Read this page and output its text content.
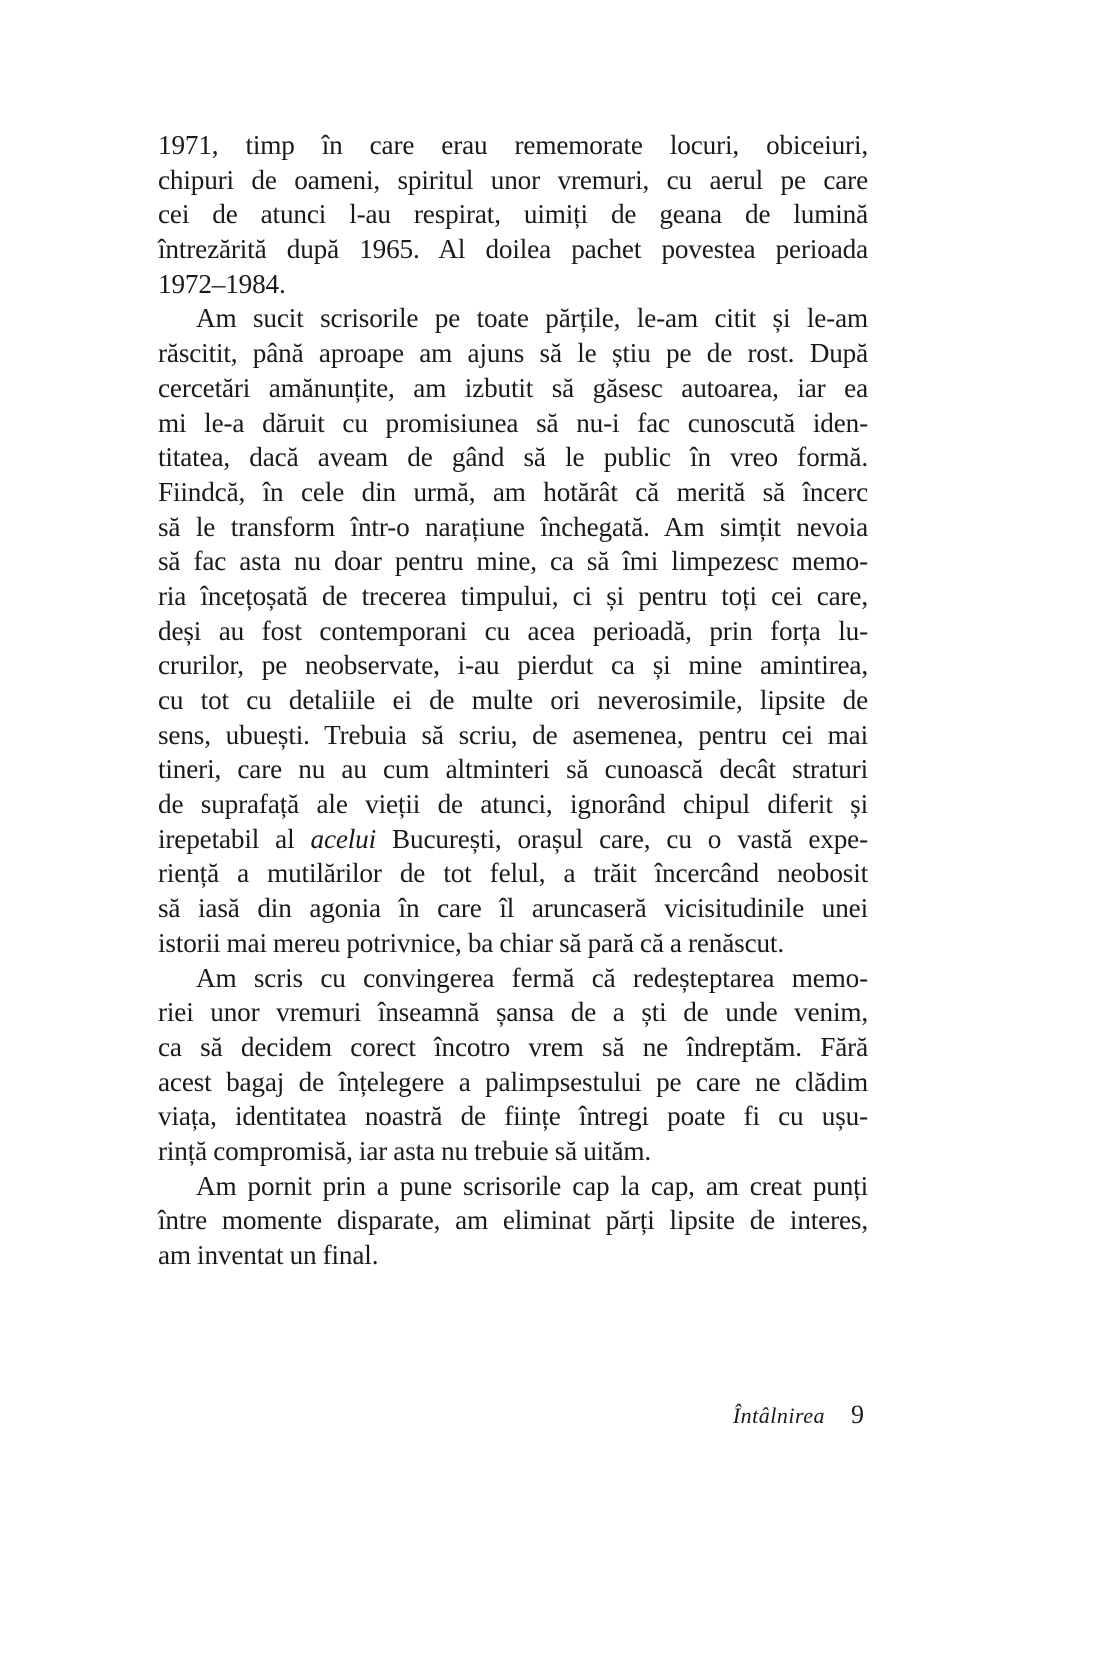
1971, timp în care erau rememorate locuri, obiceiuri,
chipuri de oameni, spiritul unor vremuri, cu aerul pe care
cei de atunci l-au respirat, uimiți de geana de lumină
întrezărită după 1965. Al doilea pachet povestea perioada
1972–1984.

Am sucit scrisorile pe toate părțile, le-am citit și le-am
răscitit, până aproape am ajuns să le știu pe de rost. După
cercetări amănunțite, am izbutit să găsesc autoarea, iar ea
mi le-a dăruit cu promisiunea să nu-i fac cunoscută iden-
titatea, dacă aveam de gând să le public în vreo formă.
Fiindcă, în cele din urmă, am hotărât că merită să încerc
să le transform într-o narațiune închegată. Am simțit nevoia
să fac asta nu doar pentru mine, ca să îmi limpezesc memo-
ria încețoșată de trecerea timpului, ci și pentru toți cei care,
deși au fost contemporani cu acea perioadă, prin forța lu-
crurilor, pe neobservate, i-au pierdut ca și mine amintirea,
cu tot cu detaliile ei de multe ori neverosimile, lipsite de
sens, ubuești. Trebuia să scriu, de asemenea, pentru cei mai
tineri, care nu au cum altminteri să cunoască decât straturi
de suprafață ale vieții de atunci, ignorând chipul diferit și
irepetabil al acelui București, orașul care, cu o vastă expe-
riență a mutilărilor de tot felul, a trăit încercând neobosit
să iasă din agonia în care îl aruncaseră vicisitudinile unei
istorii mai mereu potrivnice, ba chiar să pară că a renăscut.

Am scris cu convingerea fermă că redeșteptarea memo-
riei unor vremuri înseamnă șansa de a ști de unde venim,
ca să decidem corect încotro vrem să ne îndreptăm. Fără
acest bagaj de înțelegere a palimpsestului pe care ne clădim
viața, identitatea noastră de ființe întregi poate fi cu ușu-
rință compromisă, iar asta nu trebuie să uităm.

Am pornit prin a pune scrisorile cap la cap, am creat punți
între momente disparate, am eliminat părți lipsite de interes,
am inventat un final.

Întâlnirea 9
